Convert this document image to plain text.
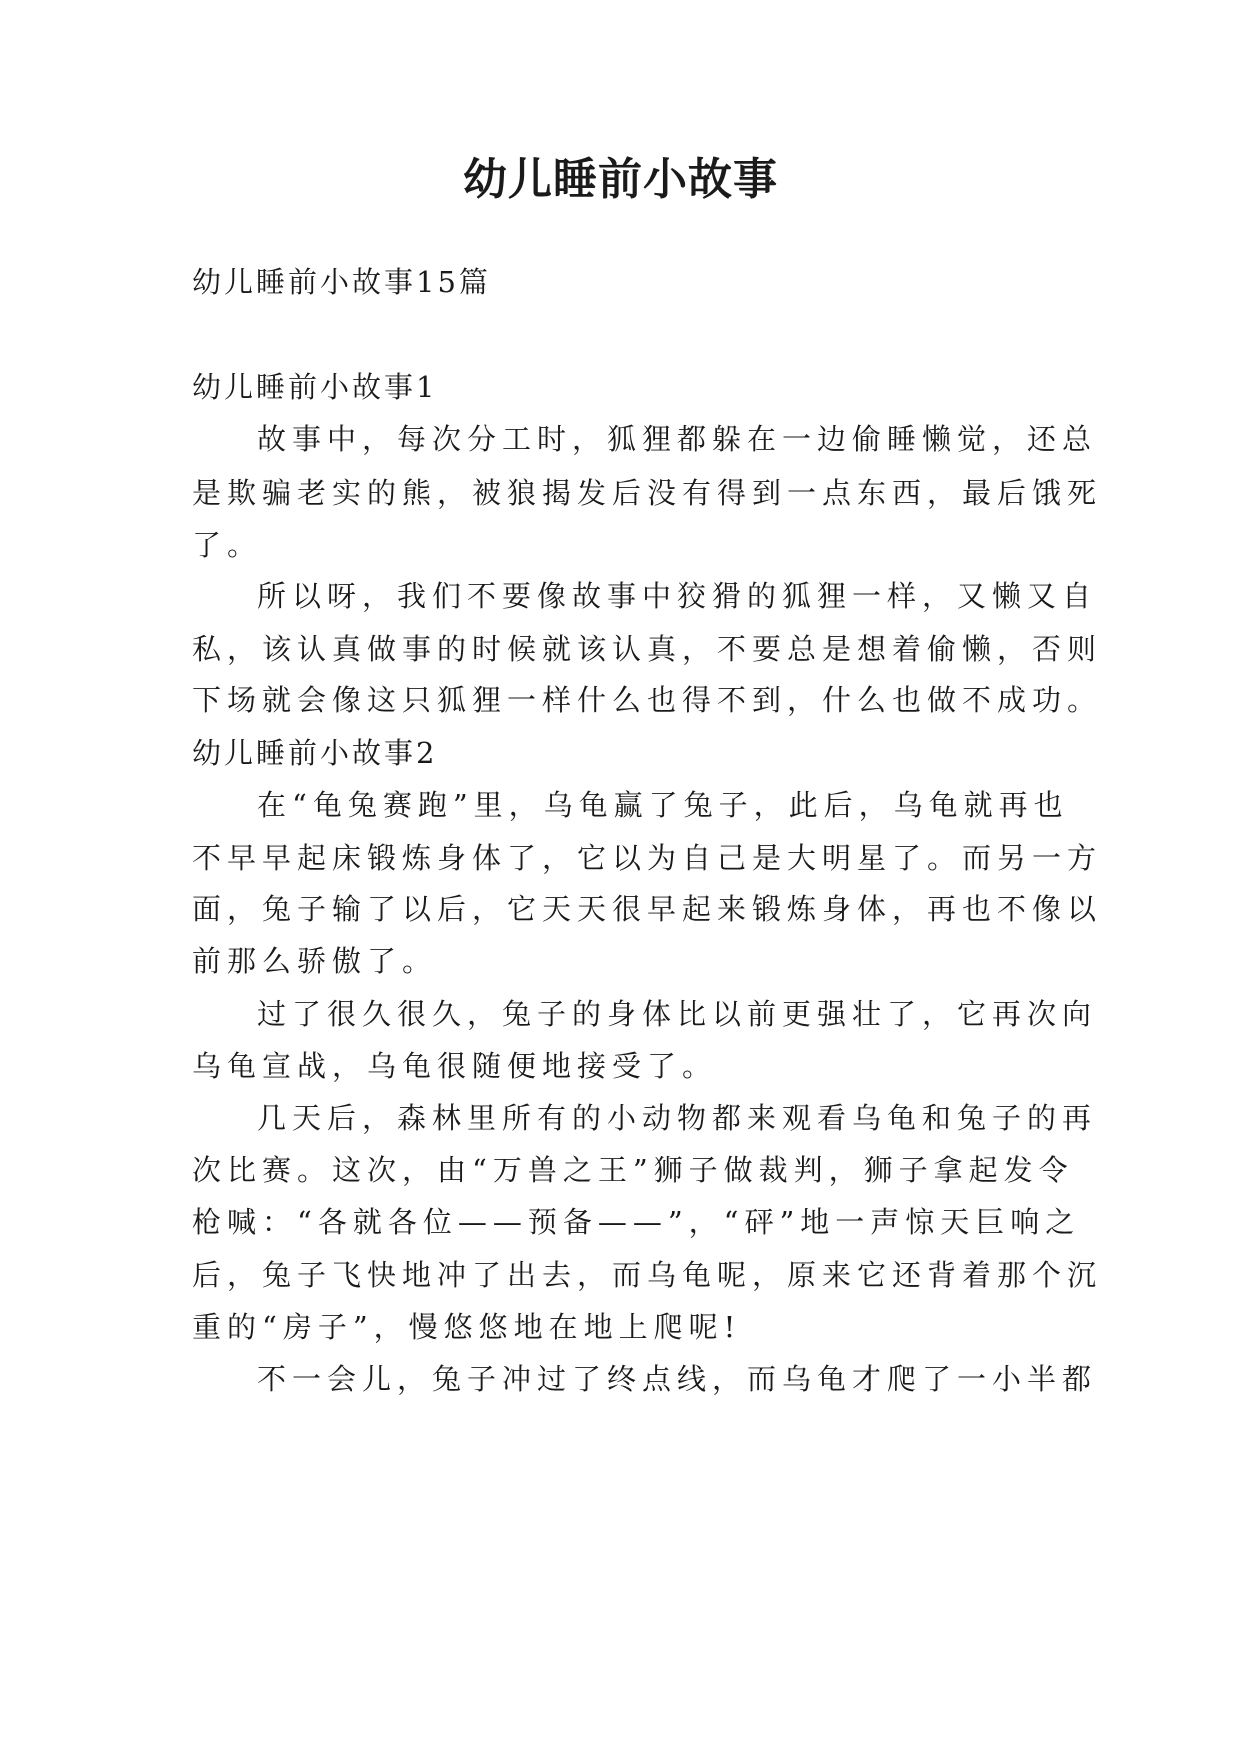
幼儿睡前小故事
幼儿睡前小故事15篇
幼儿睡前小故事1
故事中，每次分工时，狐狸都躲在一边偷睡懒觉，还总
是欺骗老实的熊，被狼揭发后没有得到一点东西，最后饿死
了。
所以呀，我们不要像故事中狡猾的狐狸一样，又懒又自
私，该认真做事的时候就该认真，不要总是想着偷懒，否则
下场就会像这只狐狸一样什么也得不到，什么也做不成功。
幼儿睡前小故事2
在“龟兔赛跑”里，乌龟赢了兔子，此后，乌龟就再也
不早早起床锻炼身体了，它以为自己是大明星了。而另一方
面，兔子输了以后，它天天很早起来锻炼身体，再也不像以
前那么骄傲了。
过了很久很久，兔子的身体比以前更强壮了，它再次向
乌龟宣战，乌龟很随便地接受了。
几天后，森林里所有的小动物都来观看乌龟和兔子的再
次比赛。这次，由“万兽之王”狮子做裁判，狮子拿起发令
枪喊：“各就各位——预备——”，“砰”地一声惊天巨响之
后，兔子飞快地冲了出去，而乌龟呢，原来它还背着那个沉
重的“房子”，慢悠悠地在地上爬呢!
不一会儿，兔子冲过了终点线，而乌龟才爬了一小半都
